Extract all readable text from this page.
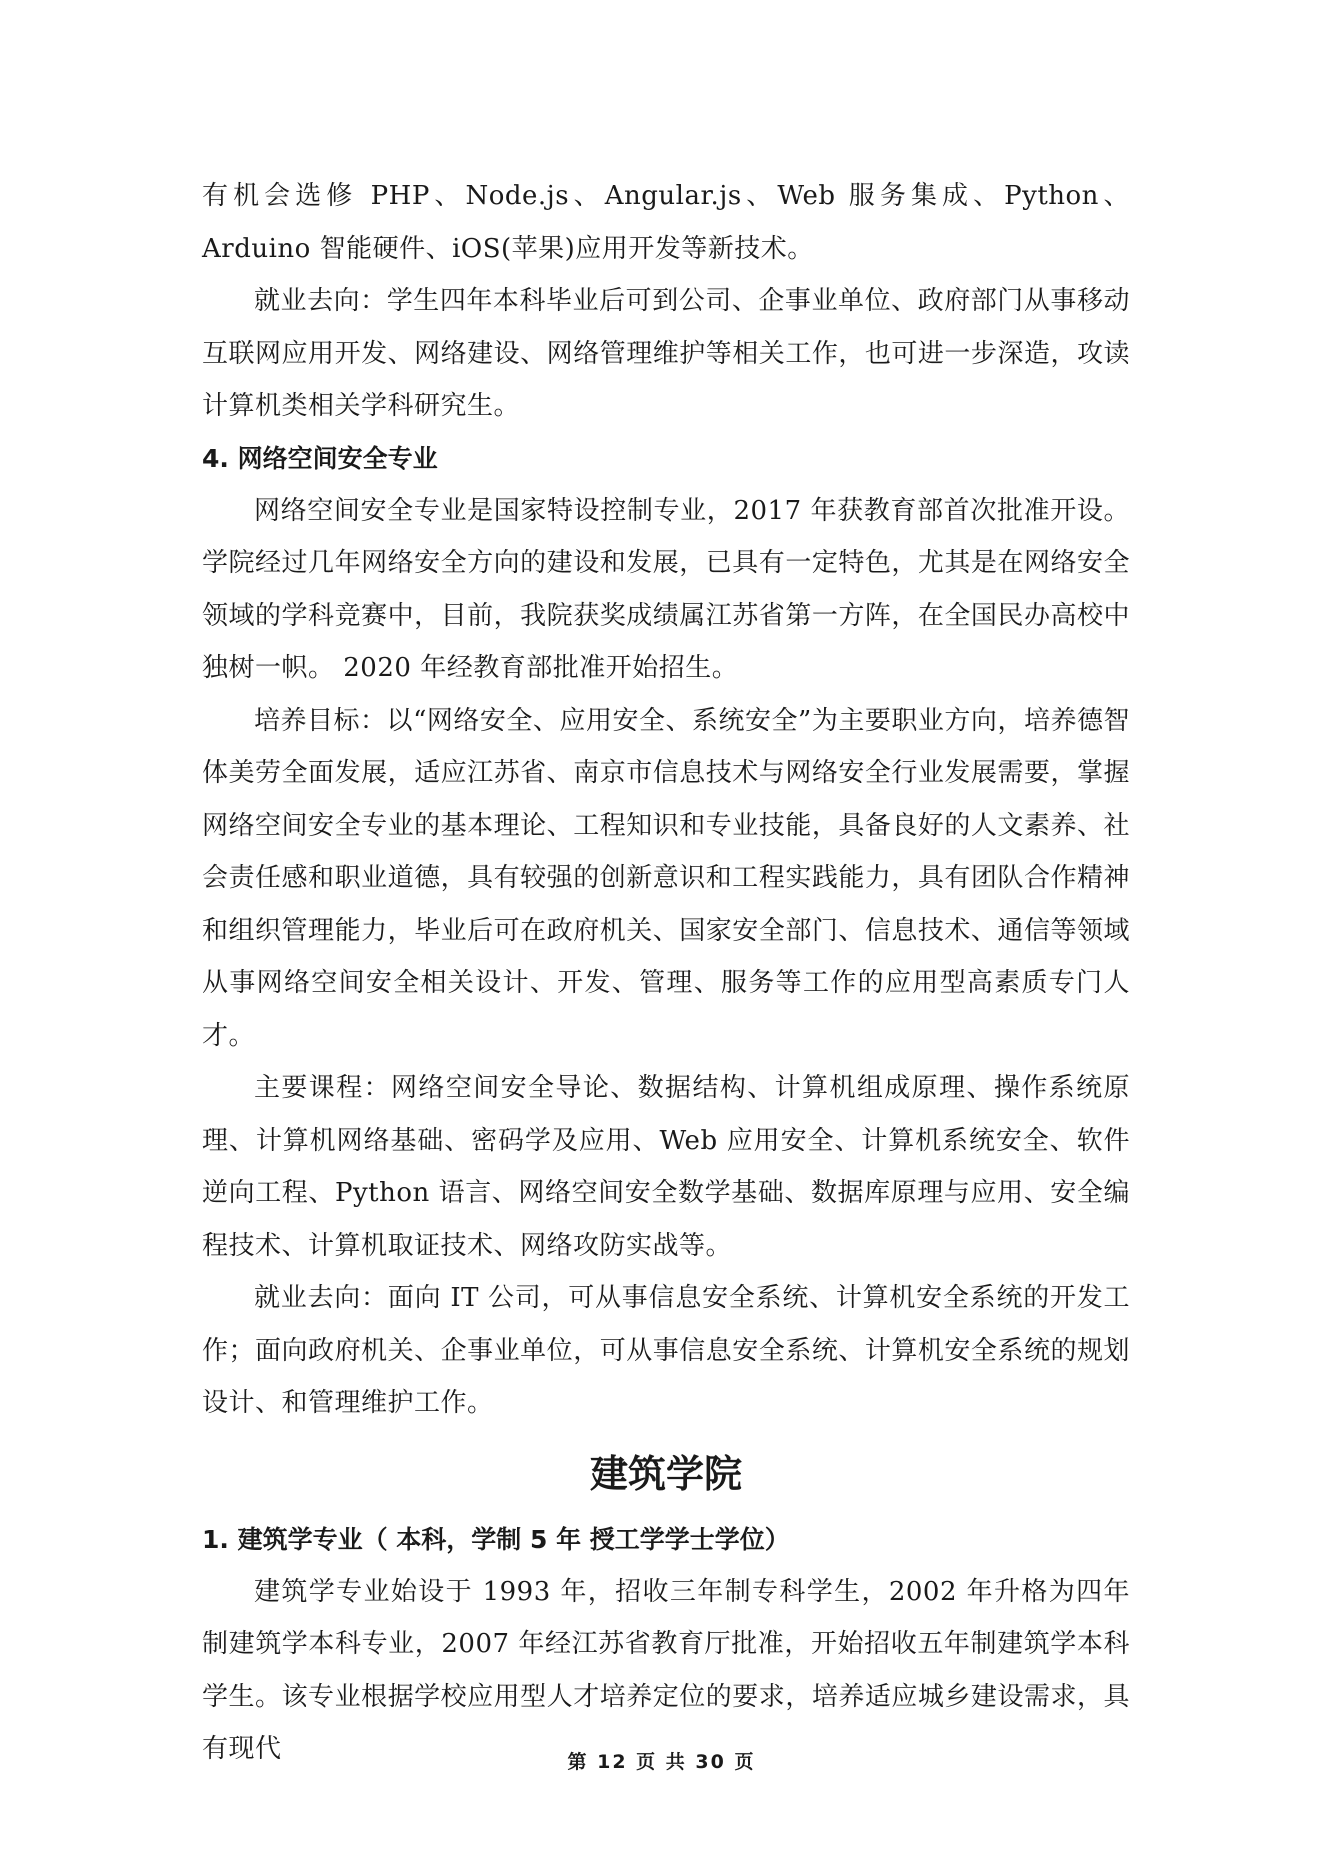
有机会选修 PHP、Node.js、Angular.js、Web 服务集成、Python、Arduino 智能硬件、iOS(苹果)应用开发等新技术。

就业去向：学生四年本科毕业后可到公司、企事业单位、政府部门从事移动互联网应用开发、网络建设、网络管理维护等相关工作，也可进一步深造，攻读计算机类相关学科研究生。

4. 网络空间安全专业

网络空间安全专业是国家特设控制专业，2017 年获教育部首次批准开设。学院经过几年网络安全方向的建设和发展，已具有一定特色，尤其是在网络安全领域的学科竞赛中，目前，我院获奖成绩属江苏省第一方阵，在全国民办高校中独树一帜。 2020 年经教育部批准开始招生。

培养目标：以“网络安全、应用安全、系统安全”为主要职业方向，培养德智体美劳全面发展，适应江苏省、南京市信息技术与网络安全行业发展需要，掌握网络空间安全专业的基本理论、工程知识和专业技能，具备良好的人文素养、社会责任感和职业道德，具有较强的创新意识和工程实践能力，具有团队合作精神和组织管理能力，毕业后可在政府机关、国家安全部门、信息技术、通信等领域从事网络空间安全相关设计、开发、管理、服务等工作的应用型高素质专门人才。

主要课程：网络空间安全导论、数据结构、计算机组成原理、操作系统原理、计算机网络基础、密码学及应用、Web 应用安全、计算机系统安全、软件逆向工程、Python 语言、网络空间安全数学基础、数据库原理与应用、安全编程技术、计算机取证技术、网络攻防实战等。

就业去向：面向 IT 公司，可从事信息安全系统、计算机安全系统的开发工作；面向政府机关、企事业单位，可从事信息安全系统、计算机安全系统的规划设计、和管理维护工作。

建筑学院
1. 建筑学专业（ 本科，学制 5 年 授工学学士学位）

建筑学专业始设于 1993 年，招收三年制专科学生，2002 年升格为四年制建筑学本科专业，2007 年经江苏省教育厅批准，开始招收五年制建筑学本科学生。该专业根据学校应用型人才培养定位的要求，培养适应城乡建设需求，具有现代	第 12 页 共 30 页
